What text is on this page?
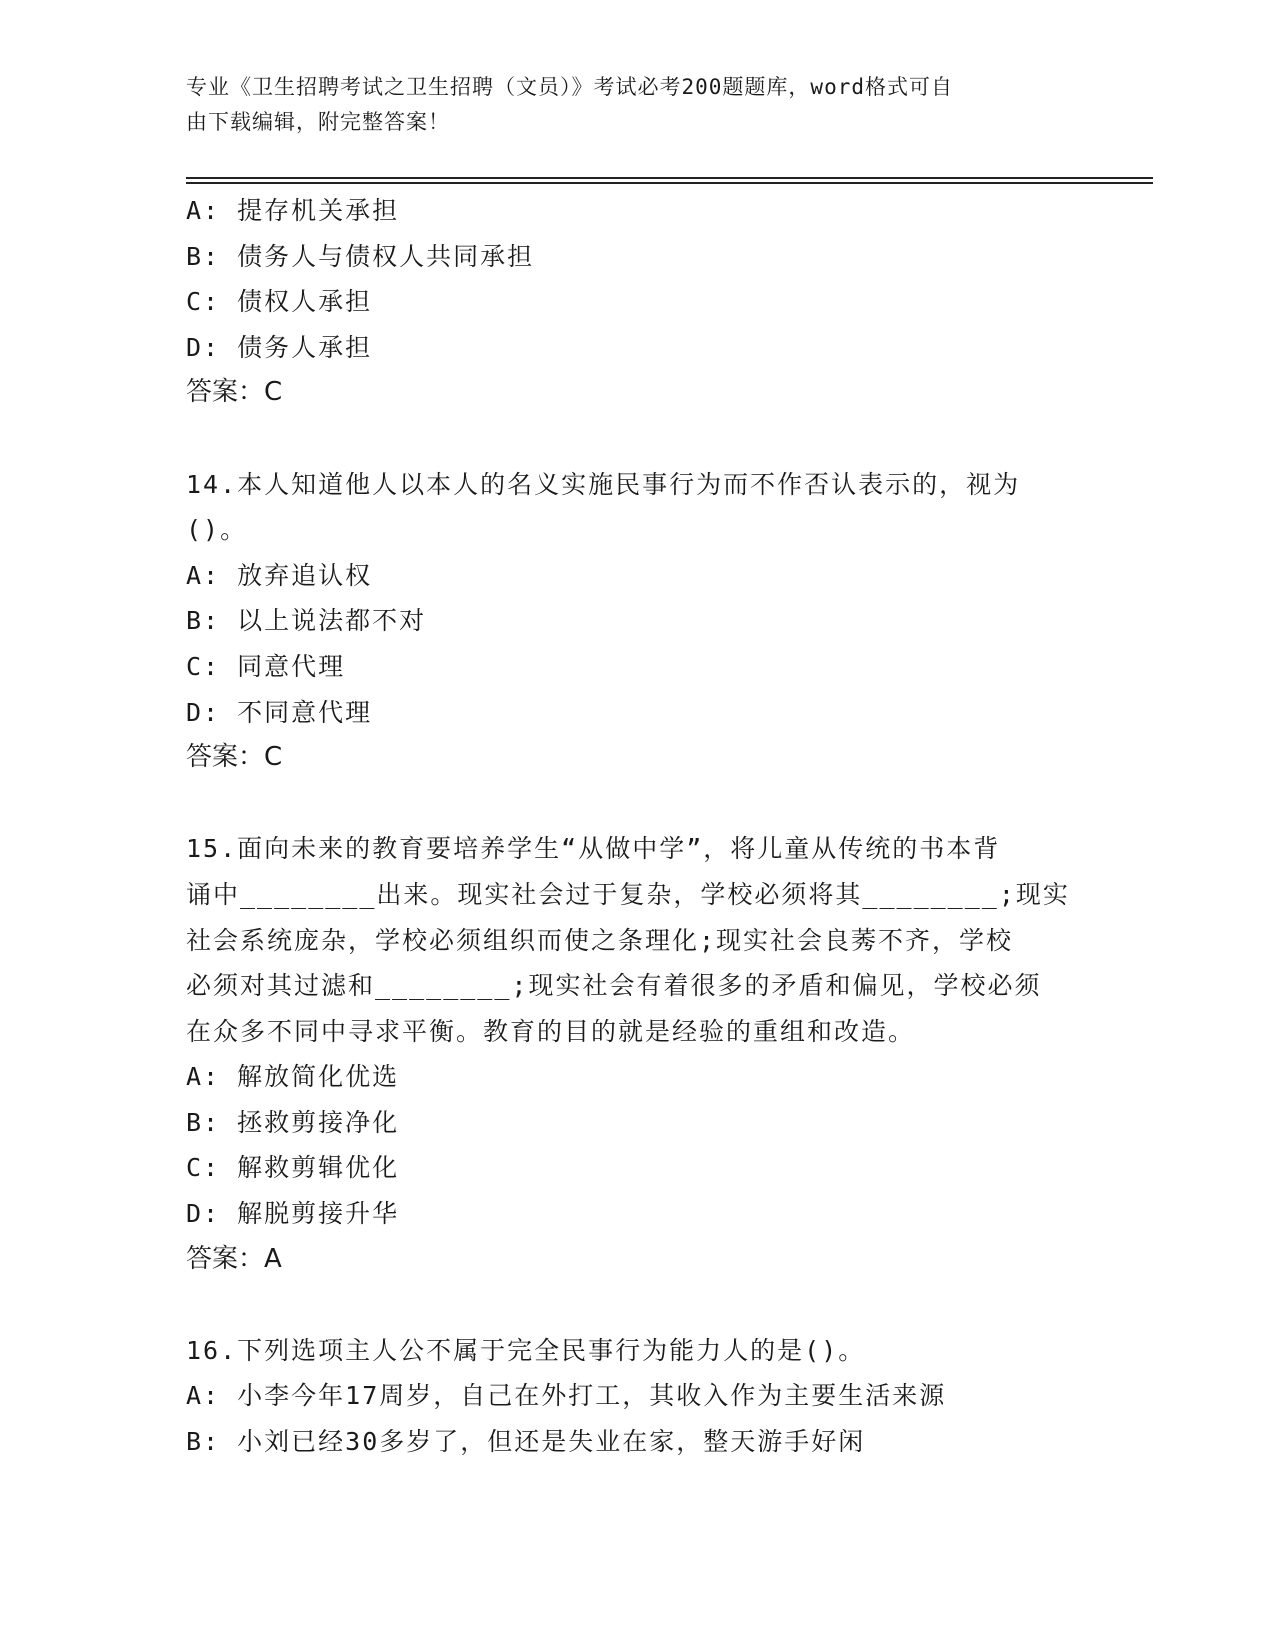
专业《卫生招聘考试之卫生招聘（文员）》考试必考200题题库，word格式可自
由下载编辑，附完整答案！
A: 提存机关承担
B: 债务人与债权人共同承担
C: 债权人承担
D: 债务人承担
答案：C
14.本人知道他人以本人的名义实施民事行为而不作否认表示的，视为
()。
A: 放弃追认权
B: 以上说法都不对
C: 同意代理
D: 不同意代理
答案：C
15.面向未来的教育要培养学生“从做中学”，将儿童从传统的书本背
诵中________出来。现实社会过于复杂，学校必须将其________;现实
社会系统庞杂，学校必须组织而使之条理化;现实社会良莠不齐，学校
必须对其过滤和________;现实社会有着很多的矛盾和偏见，学校必须
在众多不同中寻求平衡。教育的目的就是经验的重组和改造。
A: 解放简化优选
B: 拯救剪接净化
C: 解救剪辑优化
D: 解脱剪接升华
答案：A
16.下列选项主人公不属于完全民事行为能力人的是()。
A: 小李今年17周岁，自己在外打工，其收入作为主要生活来源
B: 小刘已经30多岁了，但还是失业在家，整天游手好闲
